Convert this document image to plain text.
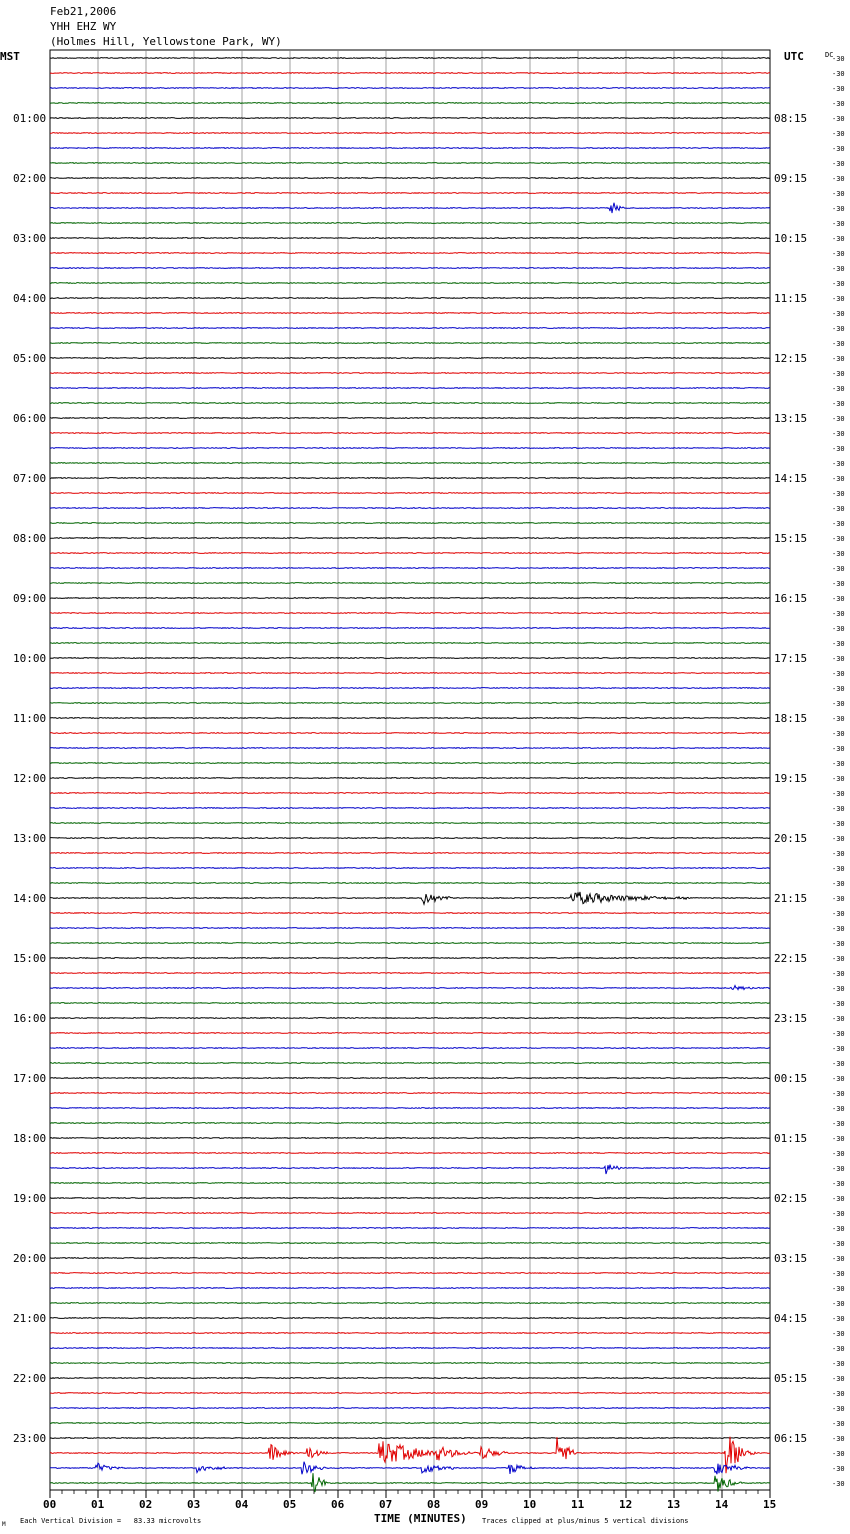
00	01	02	03	04	05	06	07	08	09	10	11	12	13	14	15
01:00	08:15
02:00	09:15
03:00	10:15
04:00	11:15
05:00	12:15
06:00	13:15
07:00	14:15
08:00	15:15
09:00	16:15
10:00	17:15
11:00	18:15
12:00	19:15
13:00	20:15
14:00	21:15
15:00	22:15
16:00	23:15
17:00	00:15
18:00	01:15
19:00	02:15
20:00	03:15
21:00	04:15
22:00	05:15
23:00	06:15
-30
-30
-30
-30
-30
-30
-30
-30
-30
-30
-30
-30
-30
-30
-30
-30
-30
-30
-30
-30
-30
-30
-30
-30
-30
-30
-30
-30
-30
-30
-30
-30
-30
-30
-30
-30
-30
-30
-30
-30
-30
-30
-30
-30
-30
-30
-30
-30
-30
-30
-30
-30
-30
-30
-30
-30
-30
-30
-30
-30
-30
-30
-30
-30
-30
-30
-30
-30
-30
-30
-30
-30
-30
-30
-30
-30
-30
-30
-30
-30
-30
-30
-30
-30
-30
-30
-30
-30
-30
-30
-30
-30
-30
-30
-30
-30
MST	UTC	DC
TIME (MINUTES)
Each Vertical Division =   83.33 microvolts	Traces clipped at plus/minus 5 vertical divisions
M
Feb21,2006
YHH EHZ WY
(Holmes Hill, Yellowstone Park, WY)
